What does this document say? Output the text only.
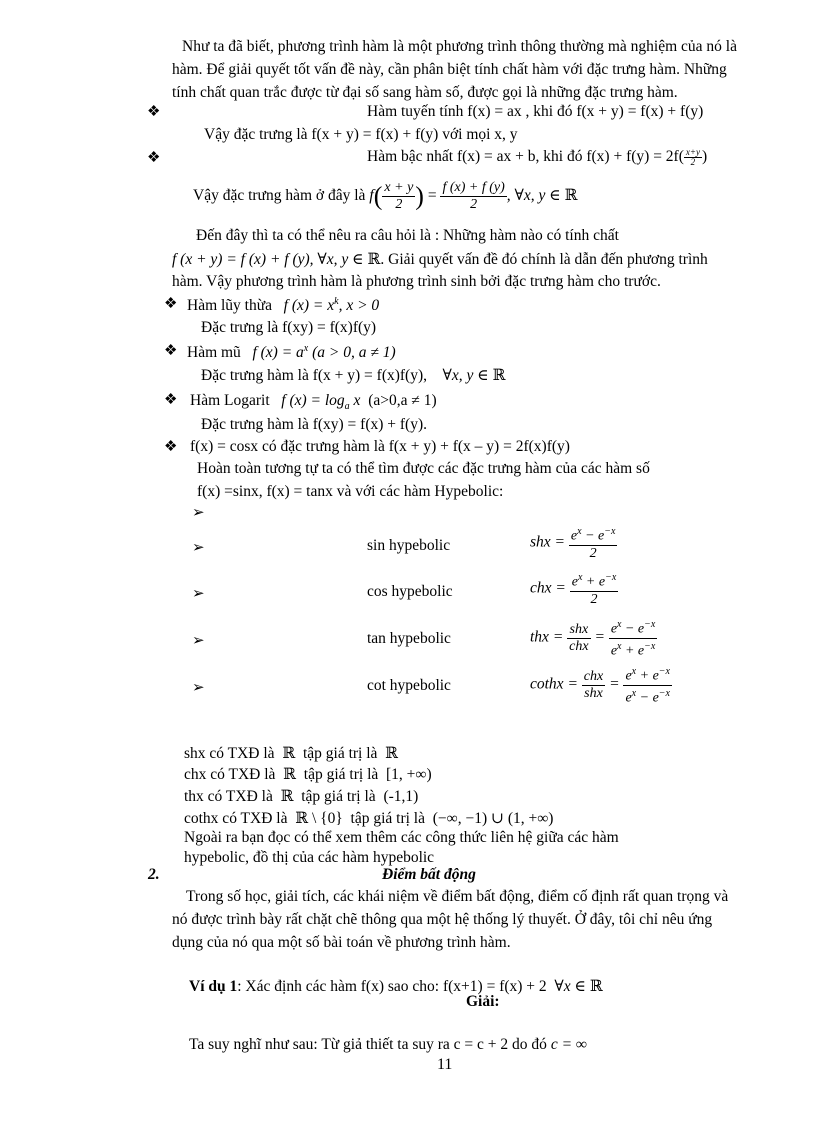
Như ta đã biết, phương trình hàm là một phương trình thông thường mà nghiệm của nó là
hàm. Để giải quyết tốt vấn đề này, cần phân biệt tính chất hàm với đặc trưng hàm. Những
tính chất quan trắc được từ đại số sang hàm số, được gọi là những đặc trưng hàm.
❖	Hàm tuyến tính f(x) = ax , khi đó f(x + y) = f(x) + f(y)
Vậy đặc trưng là f(x + y) = f(x) + f(y) với mọi x, y
❖	Hàm bậc nhất f(x) = ax + b, khi đó $f(x) + f(y) = 2f( \frac{x+y}{2}$ )
Vậy đặc trưng hàm ở đây là $f( \frac{x + y}{2}$ ) = $\frac{f (x) + f (y)}{2}$ , ∀x, y ∈ ℝ
Đến đây thì ta có thể nêu ra câu hỏi là : Những hàm nào có tính chất
f (x + y) = f (x) + f (y), ∀x, y ∈ ℝ. Giải quyết vấn đề đó chính là dẫn đến phương trình
hàm. Vậy phương trình hàm là phương trình sinh bởi đặc trưng hàm cho trước.
❖ Hàm lũy thừa   f $(x) = x^k$, x > 0
Đặc trưng là f(xy) = f(x)f(y)
❖ Hàm mũ   f $(x) = a^x$ (a > 0, a ≠ 1)
Đặc trưng hàm là f(x + y) = f(x)f(y),    ∀x, y ∈ ℝ
❖ Hàm Logarit   f $(x) = \log_a x$ (a>0,a ≠ 1)
Đặc trưng hàm là f(xy) = f(x) + f(y).
❖ f(x) = cosx có đặc trưng hàm là f(x + y) + f(x – y) = 2f(x)f(y)
Hoàn toàn tương tự ta có thể tìm được các đặc trưng hàm của các hàm số
f(x) =sinx, f(x) = tanx và với các hàm Hypebolic:
➢
➢	sin hypebolic	shx = $\frac{e^x - e^{-x}}{2}$
➢	cos hypebolic	chx = $\frac{e^x + e^{-x}}{2}$
➢	tan hypebolic	thx = $\frac{\text{shx}}{\text{chx}} = \frac{e^x - e^{-x}}{e^x + e^{-x}}$
➢	cot hypebolic	cothx = $\frac{\text{chx}}{\text{shx}} = \frac{e^x + e^{-x}}{e^x - e^{-x}}$
shx có TXĐ là  ℝ  tập giá trị là  ℝ
chx có TXĐ là  ℝ  tập giá trị là [1, +∞)
thx có TXĐ là  ℝ  tập giá trị là (-1,1)
cothx có TXĐ là  ℝ \ {0}  tập giá trị là  (−∞, −1) ∪ (1, +∞)
Ngoài ra bạn đọc có thể xem thêm các công thức liên hệ giữa các hàm
hypebolic, đồ thị của các hàm hypebolic
2.	Điểm bất động
Trong số học, giải tích, các khái niệm về điểm bất động, điểm cố định rất quan trọng và
nó được trình bày rất chặt chẽ thông qua một hệ thống lý thuyết. Ở đây, tôi chỉ nêu ứng
dụng của nó qua một số bài toán về phương trình hàm.
Ví dụ 1: Xác định các hàm f(x) sao cho: f(x+1) = f(x) + 2 ∀x ∈ ℝ
Giải:
Ta suy nghĩ như sau: Từ giả thiết ta suy ra c = c + 2 do đó c = ∞
11
